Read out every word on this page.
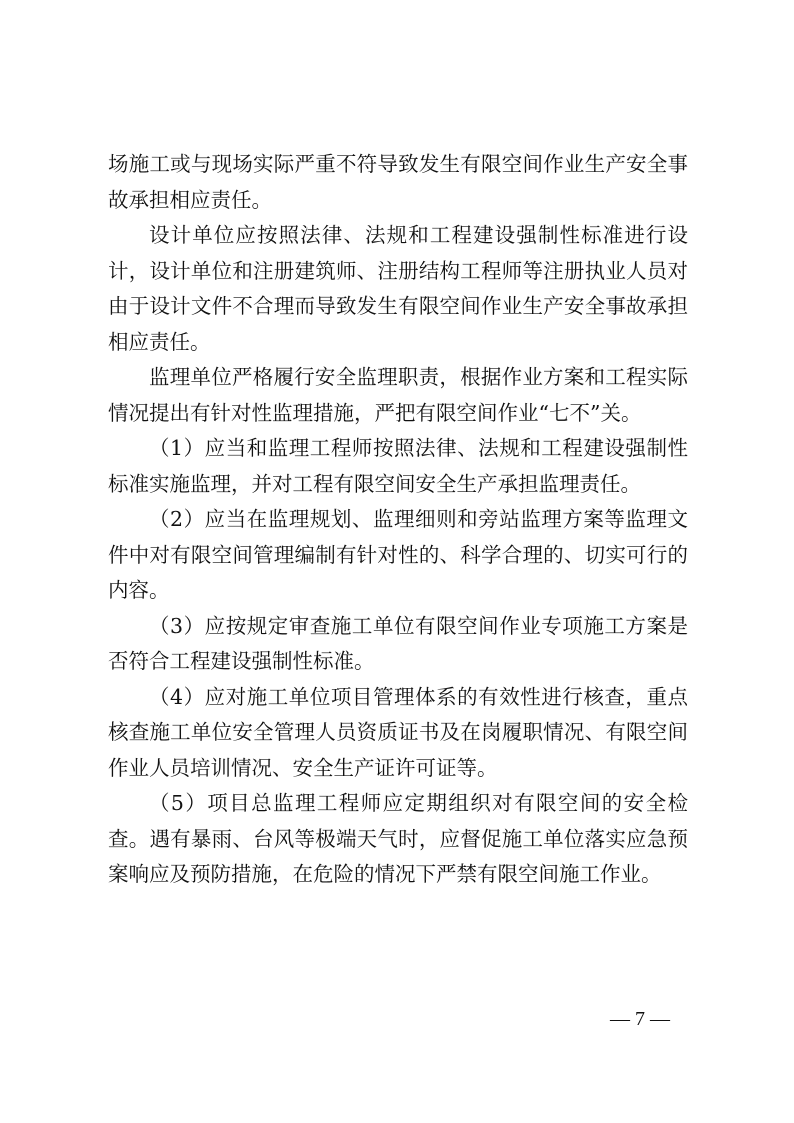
场施工或与现场实际严重不符导致发生有限空间作业生产安全事故承担相应责任。

设计单位应按照法律、法规和工程建设强制性标准进行设计，设计单位和注册建筑师、注册结构工程师等注册执业人员对由于设计文件不合理而导致发生有限空间作业生产安全事故承担相应责任。

监理单位严格履行安全监理职责，根据作业方案和工程实际情况提出有针对性监理措施，严把有限空间作业“七不”关。

（1）应当和监理工程师按照法律、法规和工程建设强制性标准实施监理，并对工程有限空间安全生产承担监理责任。

（2）应当在监理规划、监理细则和旁站监理方案等监理文件中对有限空间管理编制有针对性的、科学合理的、切实可行的内容。

（3）应按规定审查施工单位有限空间作业专项施工方案是否符合工程建设强制性标准。

（4）应对施工单位项目管理体系的有效性进行核查，重点核查施工单位安全管理人员资质证书及在岗履职情况、有限空间作业人员培训情况、安全生产证许可证等。

（5）项目总监理工程师应定期组织对有限空间的安全检查。遇有暴雨、台风等极端天气时，应督促施工单位落实应急预案响应及预防措施，在危险的情况下严禁有限空间施工作业。

— 7 —
